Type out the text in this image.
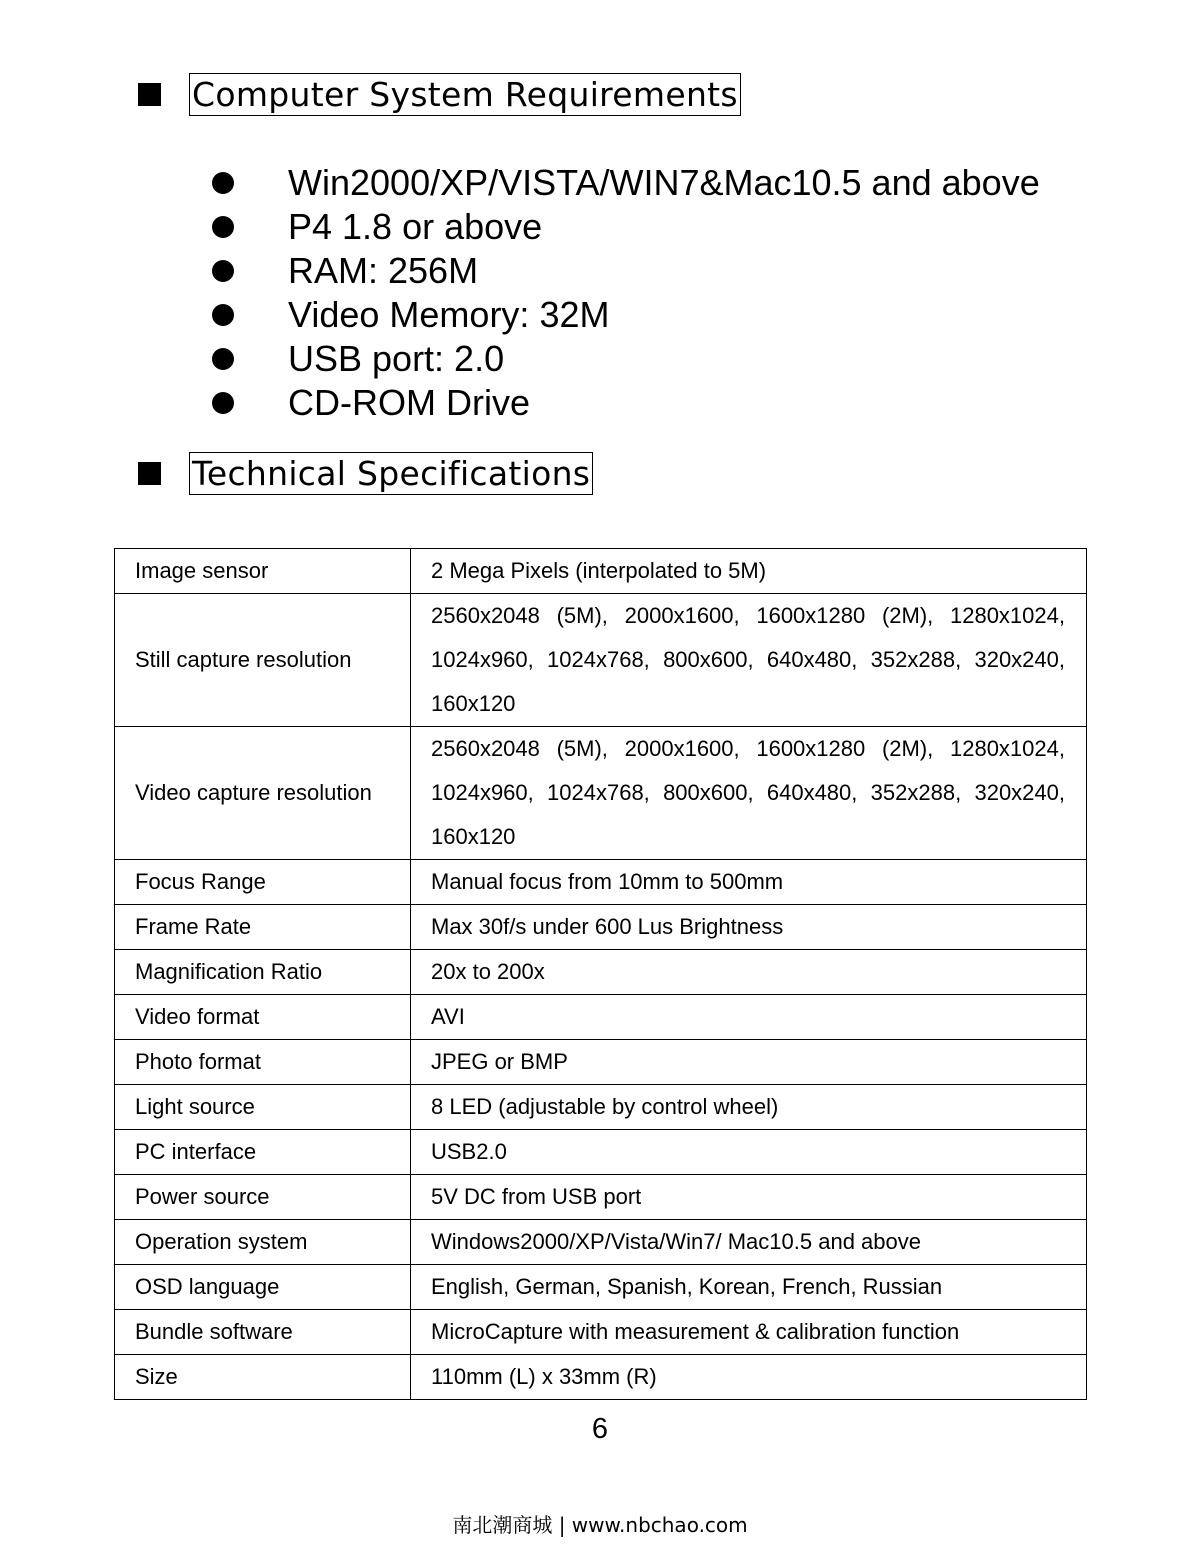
Computer System Requirements
Win2000/XP/VISTA/WIN7&Mac10.5 and above
P4 1.8 or above
RAM: 256M
Video Memory: 32M
USB port: 2.0
CD-ROM Drive
Technical Specifications
Image sensor	2 Mega Pixels (interpolated to 5M)
Still capture resolution	2560x2048 (5M), 2000x1600, 1600x1280 (2M), 1280x1024, 1024x960, 1024x768, 800x600, 640x480, 352x288, 320x240, 160x120
Video capture resolution	2560x2048 (5M), 2000x1600, 1600x1280 (2M), 1280x1024, 1024x960, 1024x768, 800x600, 640x480, 352x288, 320x240, 160x120
Focus Range	Manual focus from 10mm to 500mm
Frame Rate	Max 30f/s under 600 Lus Brightness
Magnification Ratio	20x to 200x
Video format	AVI
Photo format	JPEG or BMP
Light source	8 LED (adjustable by control wheel)
PC interface	USB2.0
Power source	5V DC from USB port
Operation system	Windows2000/XP/Vista/Win7/ Mac10.5 and above
OSD language	English, German, Spanish, Korean, French, Russian
Bundle software	MicroCapture with measurement & calibration function
Size	110mm (L) x 33mm (R)
6
南北潮商城 | www.nbchao.com
